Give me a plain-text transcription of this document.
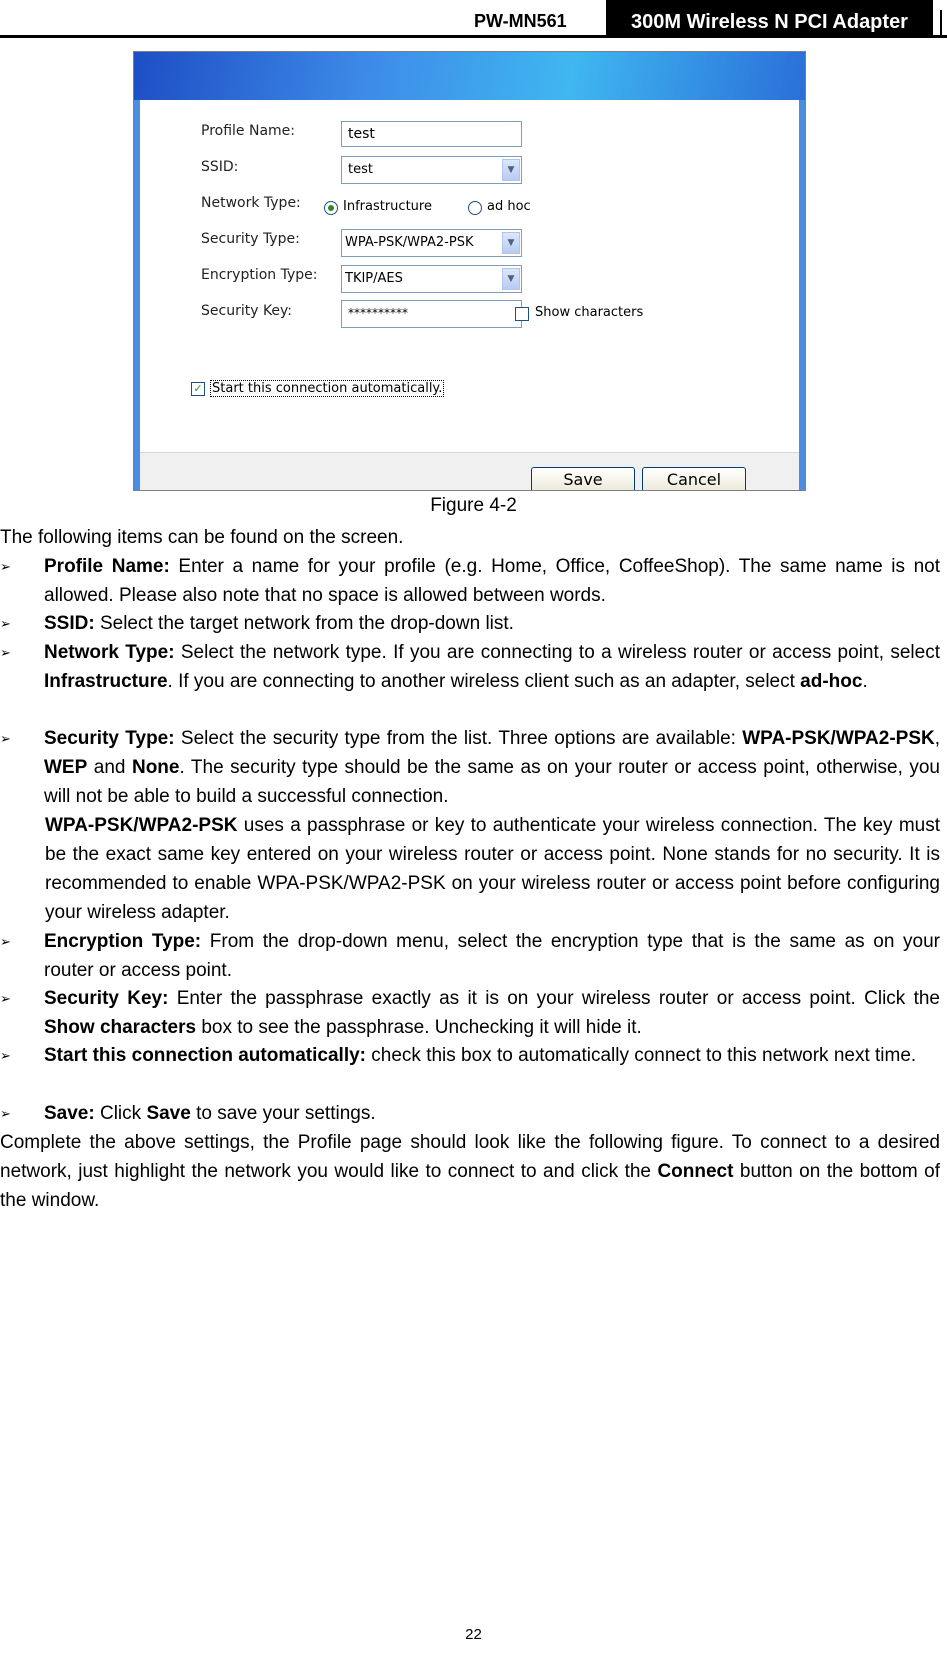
PW-MN561	300M Wireless N PCI Adapter
Profile Name:	test
SSID:	test	▼
Network Type:	Infrastructure	ad hoc
Security Type:	WPA-PSK/WPA2-PSK	▼
Encryption Type:	TKIP/AES	▼
Security Key:	**********	Show characters
✓ Start this connection automatically.
Save	Cancel
Figure 4-2
The following items can be found on the screen.
➢ Profile Name: Enter a name for your profile (e.g. Home, Office, CoffeeShop). The same name is not allowed. Please also note that no space is allowed between words.
➢ SSID: Select the target network from the drop-down list.
➢ Network Type: Select the network type. If you are connecting to a wireless router or access point, select Infrastructure. If you are connecting to another wireless client such as an adapter, select ad-hoc.
➢ Security Type: Select the security type from the list. Three options are available: WPA-PSK/WPA2-PSK, WEP and None. The security type should be the same as on your router or access point, otherwise, you will not be able to build a successful connection.
WPA-PSK/WPA2-PSK uses a passphrase or key to authenticate your wireless connection. The key must be the exact same key entered on your wireless router or access point. None stands for no security. It is recommended to enable WPA-PSK/WPA2-PSK on your wireless router or access point before configuring your wireless adapter.
➢ Encryption Type: From the drop-down menu, select the encryption type that is the same as on your router or access point.
➢ Security Key: Enter the passphrase exactly as it is on your wireless router or access point. Click the Show characters box to see the passphrase. Unchecking it will hide it.
➢ Start this connection automatically: check this box to automatically connect to this network next time.
➢ Save: Click Save to save your settings.
Complete the above settings, the Profile page should look like the following figure. To connect to a desired network, just highlight the network you would like to connect to and click the Connect button on the bottom of the window.
22
